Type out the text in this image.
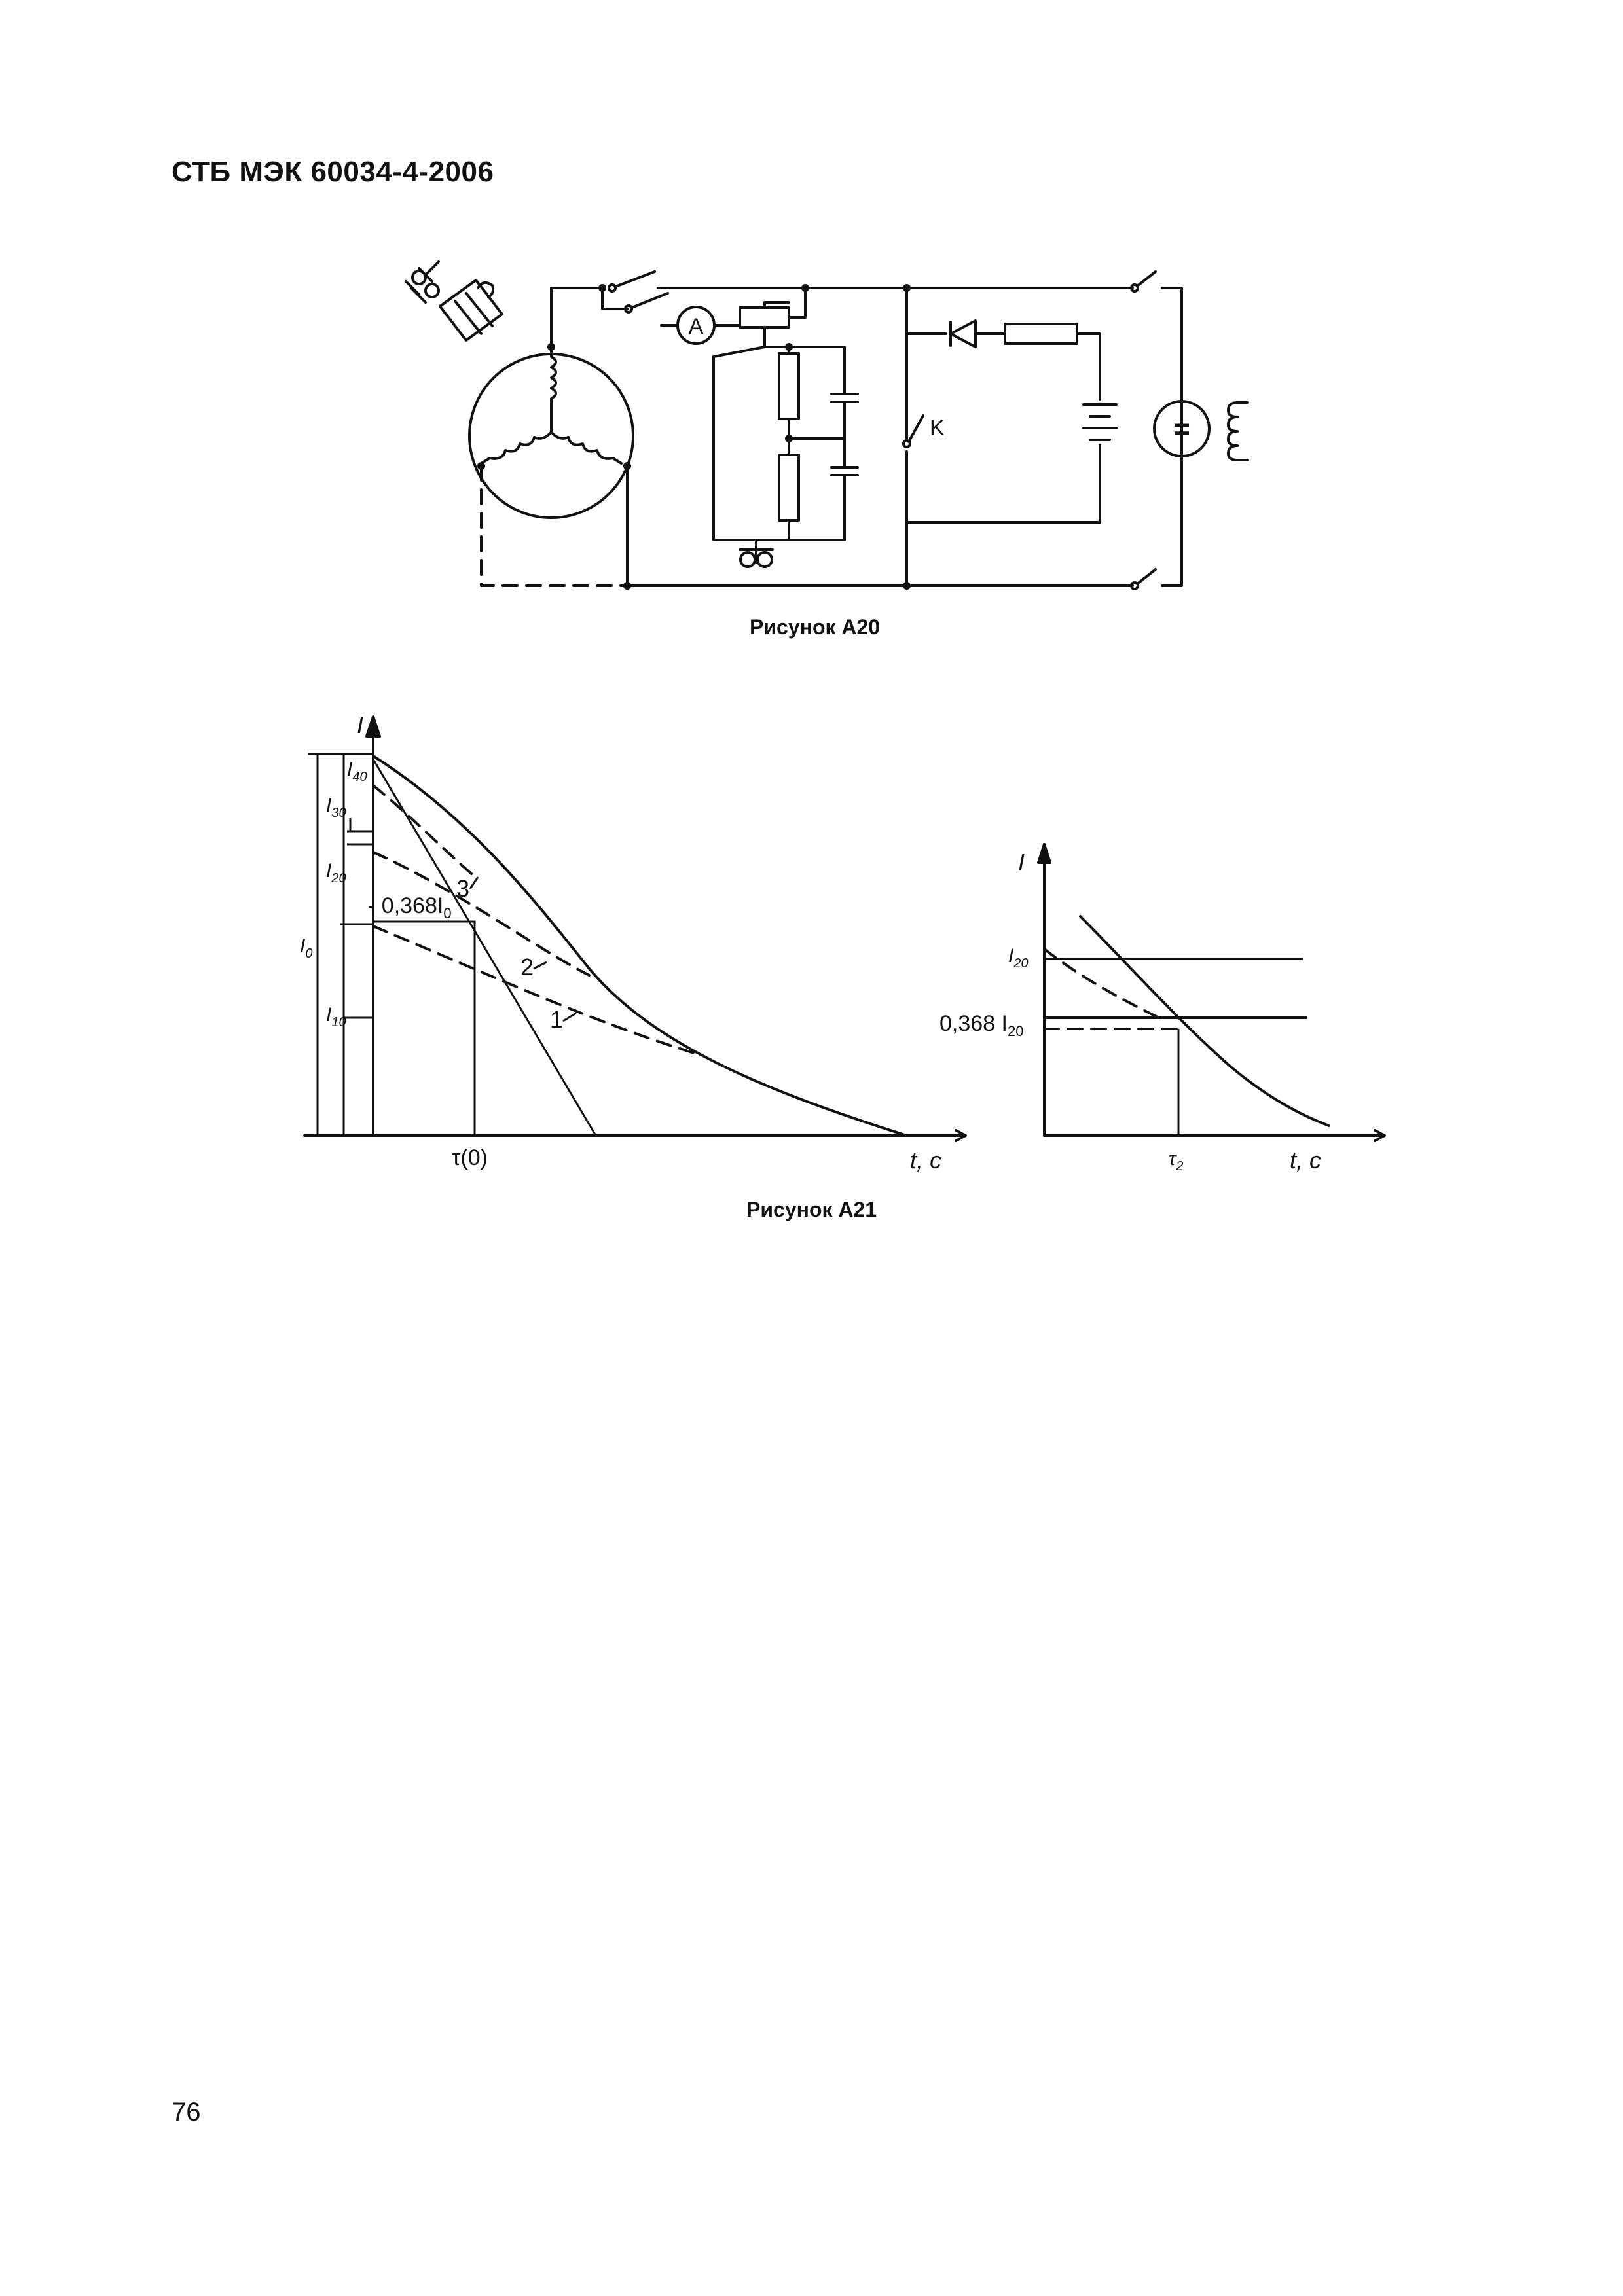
СТБ МЭК 60034-4-2006
A
K	=
Рисунок А20
I
1
2
3
$I_{40}$
$I_{30}$
$I_{20}$
$I_{10}$
$I_0$
- $0,368I_0$
τ(0)	t, c
I
$I_{20}$
0,368 $I_{20}$
$\tau_2$	t, c
Рисунок А21
76
